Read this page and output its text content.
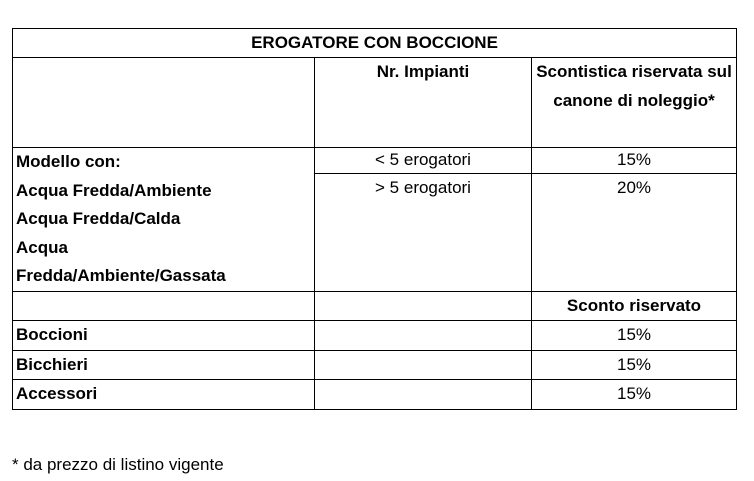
EROGATORE CON BOCCIONE		
	Nr. Impianti	Scontistica riservata sul canone di noleggio*

Modello con:
Acqua Fredda/Ambiente
Acqua Fredda/Calda
Acqua
Fredda/Ambiente/Gassata	< 5 erogatori	15%
	> 5 erogatori	20%
		Sconto riservato
Boccioni		15%
Bicchieri		15%
Accessori		15%
* da prezzo di listino vigente
